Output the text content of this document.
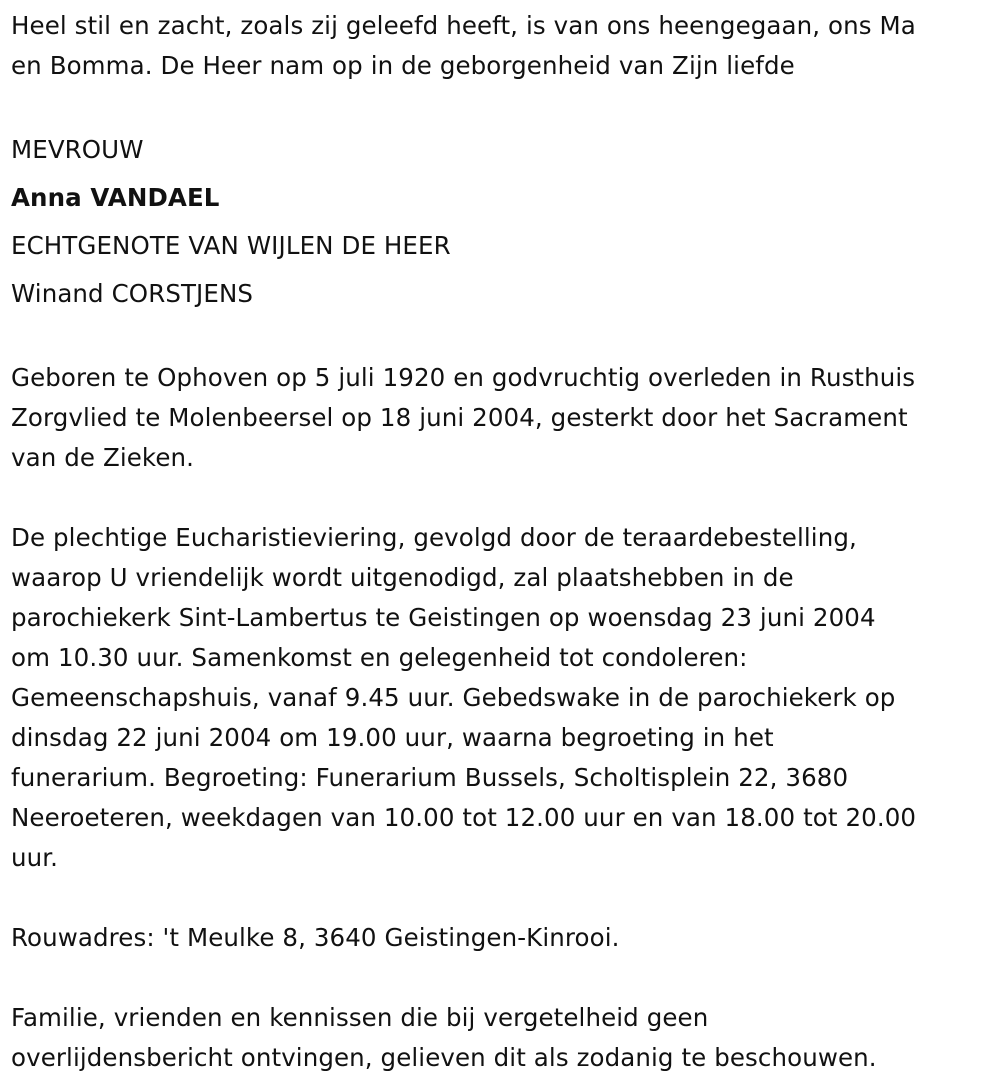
Heel stil en zacht, zoals zij geleefd heeft, is van ons heengegaan, ons Ma
en Bomma. De Heer nam op in de geborgenheid van Zijn liefde

MEVROUW
Anna VANDAEL
ECHTGENOTE VAN WIJLEN DE HEER
Winand CORSTJENS

Geboren te Ophoven op 5 juli 1920 en godvruchtig overleden in Rusthuis
Zorgvlied te Molenbeersel op 18 juni 2004, gesterkt door het Sacrament
van de Zieken.

De plechtige Eucharistieviering, gevolgd door de teraardebestelling,
waarop U vriendelijk wordt uitgenodigd, zal plaatshebben in de
parochiekerk Sint-Lambertus te Geistingen op woensdag 23 juni 2004
om 10.30 uur. Samenkomst en gelegenheid tot condoleren:
Gemeenschapshuis, vanaf 9.45 uur. Gebedswake in de parochiekerk op
dinsdag 22 juni 2004 om 19.00 uur, waarna begroeting in het
funerarium. Begroeting: Funerarium Bussels, Scholtisplein 22, 3680
Neeroeteren, weekdagen van 10.00 tot 12.00 uur en van 18.00 tot 20.00
uur.

Rouwadres: 't Meulke 8, 3640 Geistingen-Kinrooi.

Familie, vrienden en kennissen die bij vergetelheid geen
overlijdensbericht ontvingen, gelieven dit als zodanig te beschouwen.
